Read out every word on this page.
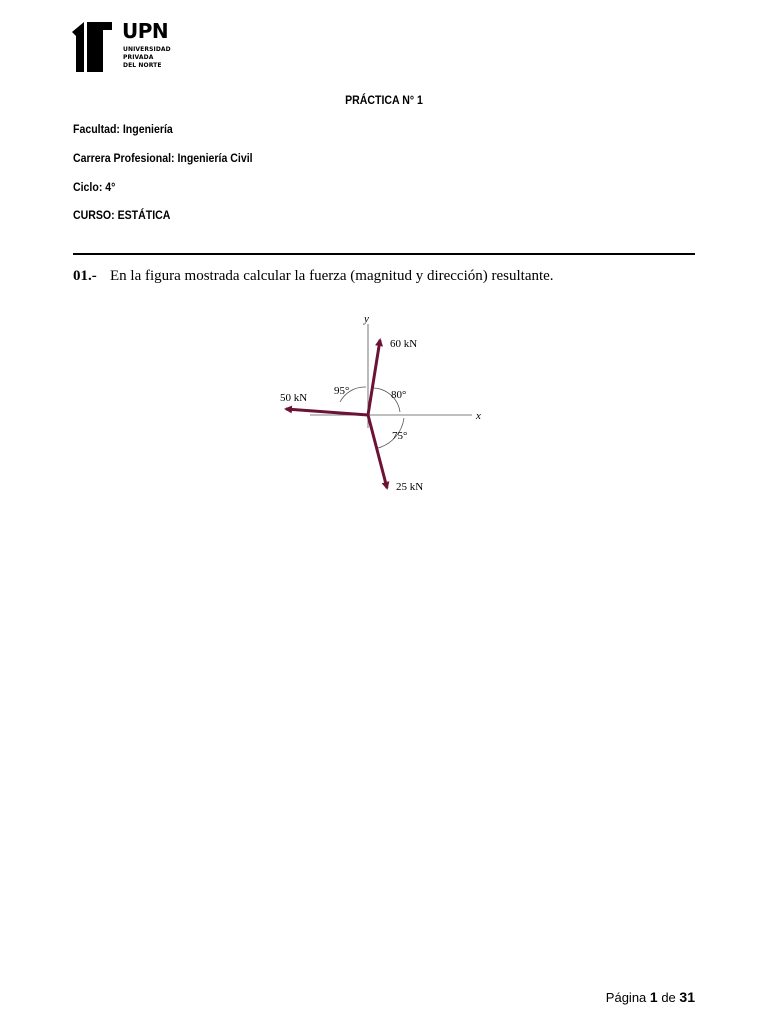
UPN
UNIVERSIDAD
PRIVADA
DEL NORTE
PRÁCTICA N° 1
Facultad: Ingeniería
Carrera Profesional: Ingeniería Civil
Ciclo: 4°
CURSO: ESTÁTICA
01.- En la figura mostrada calcular la fuerza (magnitud y dirección) resultante.
y
x
60 kN
50 kN
25 kN
95°	80°
75°
Página 1 de 31
